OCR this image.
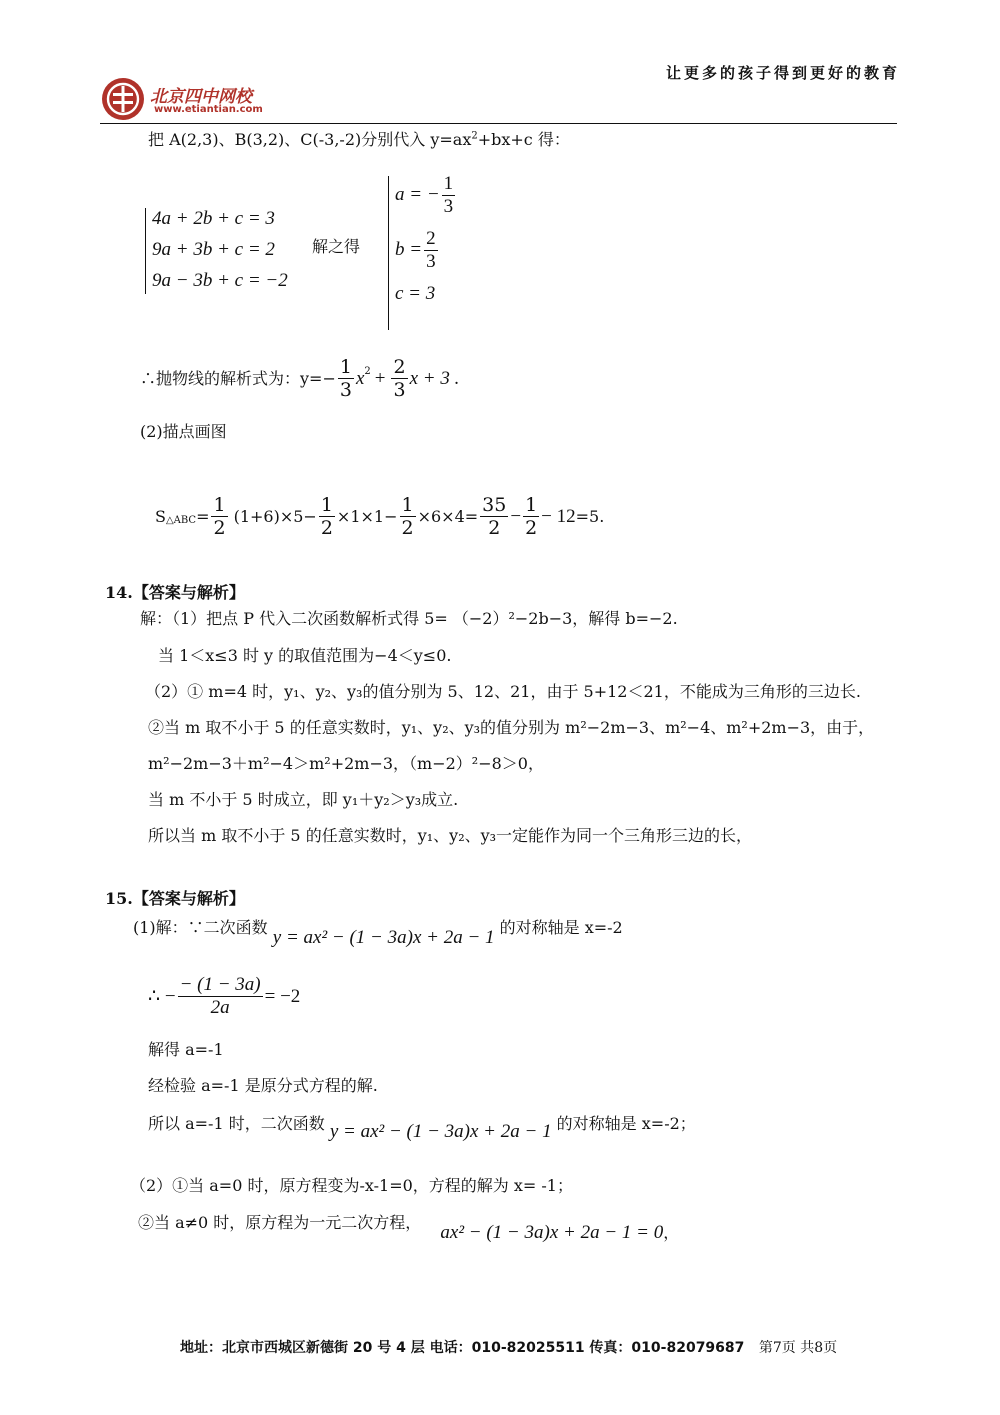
北京四中网校
www.etiantian.com
让更多的孩子得到更好的教育
把 A(2,3)、B(3,2)、C(-3,-2)分别代入 $y=ax^2+bx+c$ 得：
4a + 2b + c = 3
9a + 3b + c = 2
9a − 3b + c = −2
解之得
a = − $\frac{1}{3}$
$b = \frac{2}{3}$
c = 3
∴抛物线的解析式为：$y=- \frac{1}{3}$ x $2 + \frac{2}{3}$ x + 3 .
(2)描点画图
S △ABC = $\frac{1}{2} (1+6)\times 5- \frac{1}{2} \times 1\times 1- \frac{1}{2} \times 6\times 4= \frac{35}{2} - \frac{1}{2} - 12 =5$.
14.【答案与解析】
解：（1）把点 P 代入二次函数解析式得 5= （−2）²−2b−3，解得 b=−2.
当 1＜x≤3 时 y 的取值范围为−4＜y≤0.
（2）① m=4 时，y₁、y₂、y₃的值分别为 5、12、21，由于 5+12＜21，不能成为三角形的三边长.
②当 m 取不小于 5 的任意实数时，y₁、y₂、y₃的值分别为 m²−2m−3、m²−4、m²+2m−3，由于，
m²−2m−3＋m²−4＞m²+2m−3，（m−2）²−8＞0，
当 m 不小于 5 时成立，即 y₁＋y₂＞y₃成立.
所以当 m 取不小于 5 的任意实数时，y₁、y₂、y₃一定能作为同一个三角形三边的长，
15.【答案与解析】
(1)解：∵二次函数 y = ax² − (1 − 3a)x + 2a − 1 的对称轴是 x=-2
∴ − $\frac{- (1 - 3a)}{2a} = -2$
解得 a=-1
经检验 a=-1 是原分式方程的解.
所以 a=-1 时，二次函数 y = ax² − (1 − 3a)x + 2a − 1 的对称轴是 x=-2；
（2）①当 a=0 时，原方程变为-x-1=0，方程的解为 x= -1；
②当 a≠0 时，原方程为一元二次方程， ax² − (1 − 3a)x + 2a − 1 = 0，
地址：北京市西城区新德街 20 号 4 层 电话：010-82025511 传真：010-82079687 第7页 共8页
